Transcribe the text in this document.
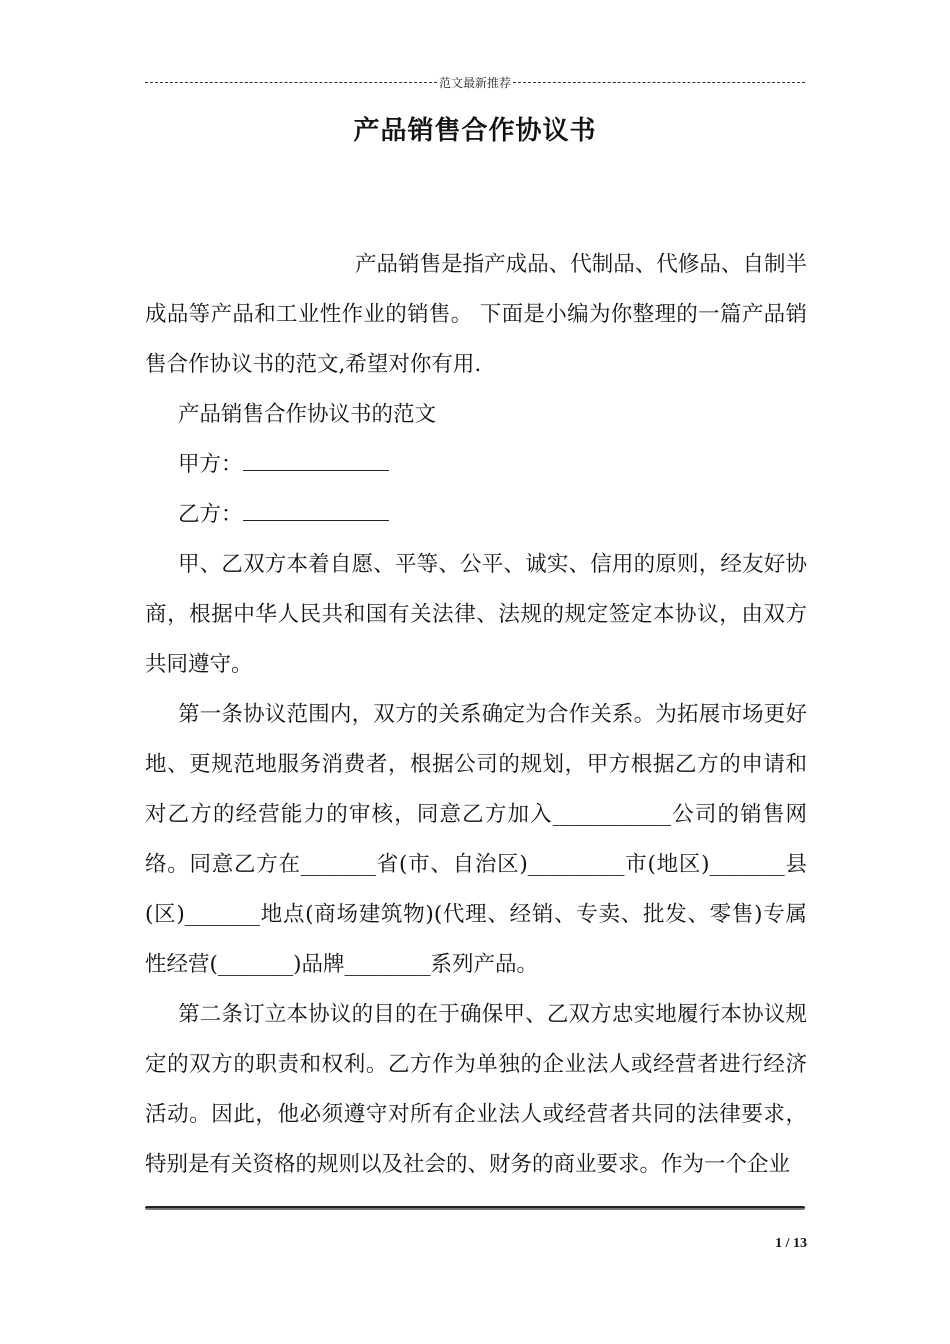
范文最新推荐
产品销售合作协议书

产品销售是指产成品、代制品、代修品、自制半成品等产品和工业性作业的销售。 下面是小编为你整理的一篇产品销售合作协议书的范文,希望对你有用.

产品销售合作协议书的范文

甲方：

乙方：

甲、乙双方本着自愿、平等、公平、诚实、信用的原则，经友好协商，根据中华人民共和国有关法律、法规的规定签定本协议，由双方共同遵守。

第一条协议范围内，双方的关系确定为合作关系。为拓展市场更好地、更规范地服务消费者，根据公司的规划，甲方根据乙方的申请和对乙方的经营能力的审核，同意乙方加入___________公司的销售网络。同意乙方在_______省(市、自治区)_________市(地区)_______县(区)_______地点(商场建筑物)(代理、经销、专卖、批发、零售)专属性经营(_______)品牌________系列产品。

第二条订立本协议的目的在于确保甲、乙双方忠实地履行本协议规定的双方的职责和权利。乙方作为单独的企业法人或经营者进行经济活动。因此，他必须遵守对所有企业法人或经营者共同的法律要求，特别是有关资格的规则以及社会的、财务的商业要求。作为一个企业

1 / 13
